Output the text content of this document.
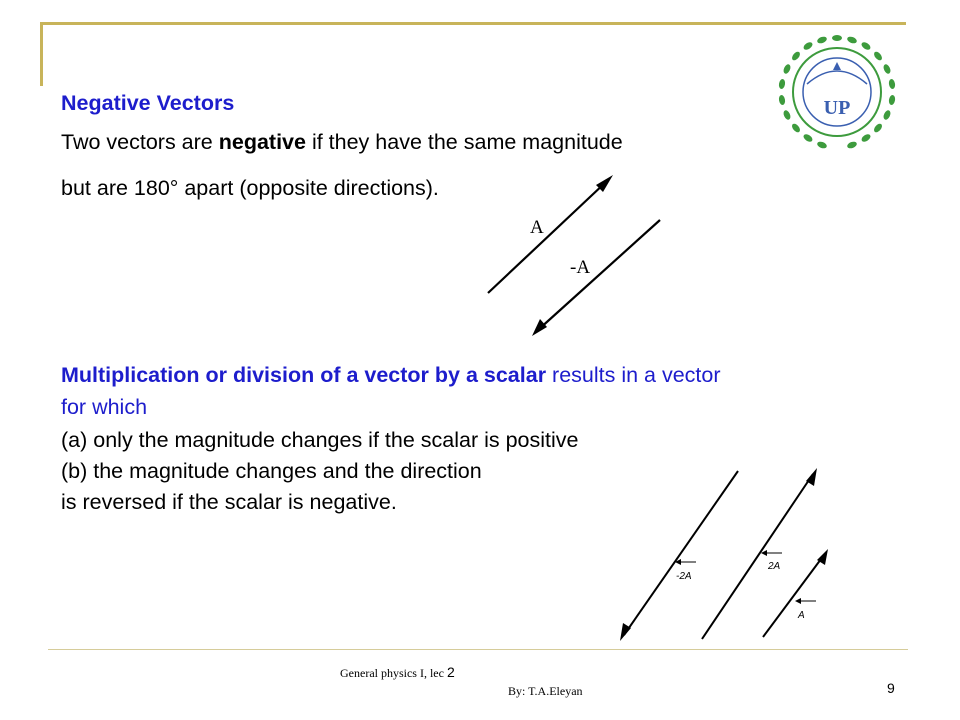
UP
Negative Vectors
Two vectors are negative if they have the same magnitude
but are 180° apart (opposite directions).
A
-A
Multiplication or division of a vector by a scalar results in a vector
for which
(a) only the magnitude changes if the scalar is positive
(b) the magnitude changes and the direction
is reversed if the scalar is negative.
-2A
2A
A
General physics I, lec 2
By: T.A.Eleyan	9
